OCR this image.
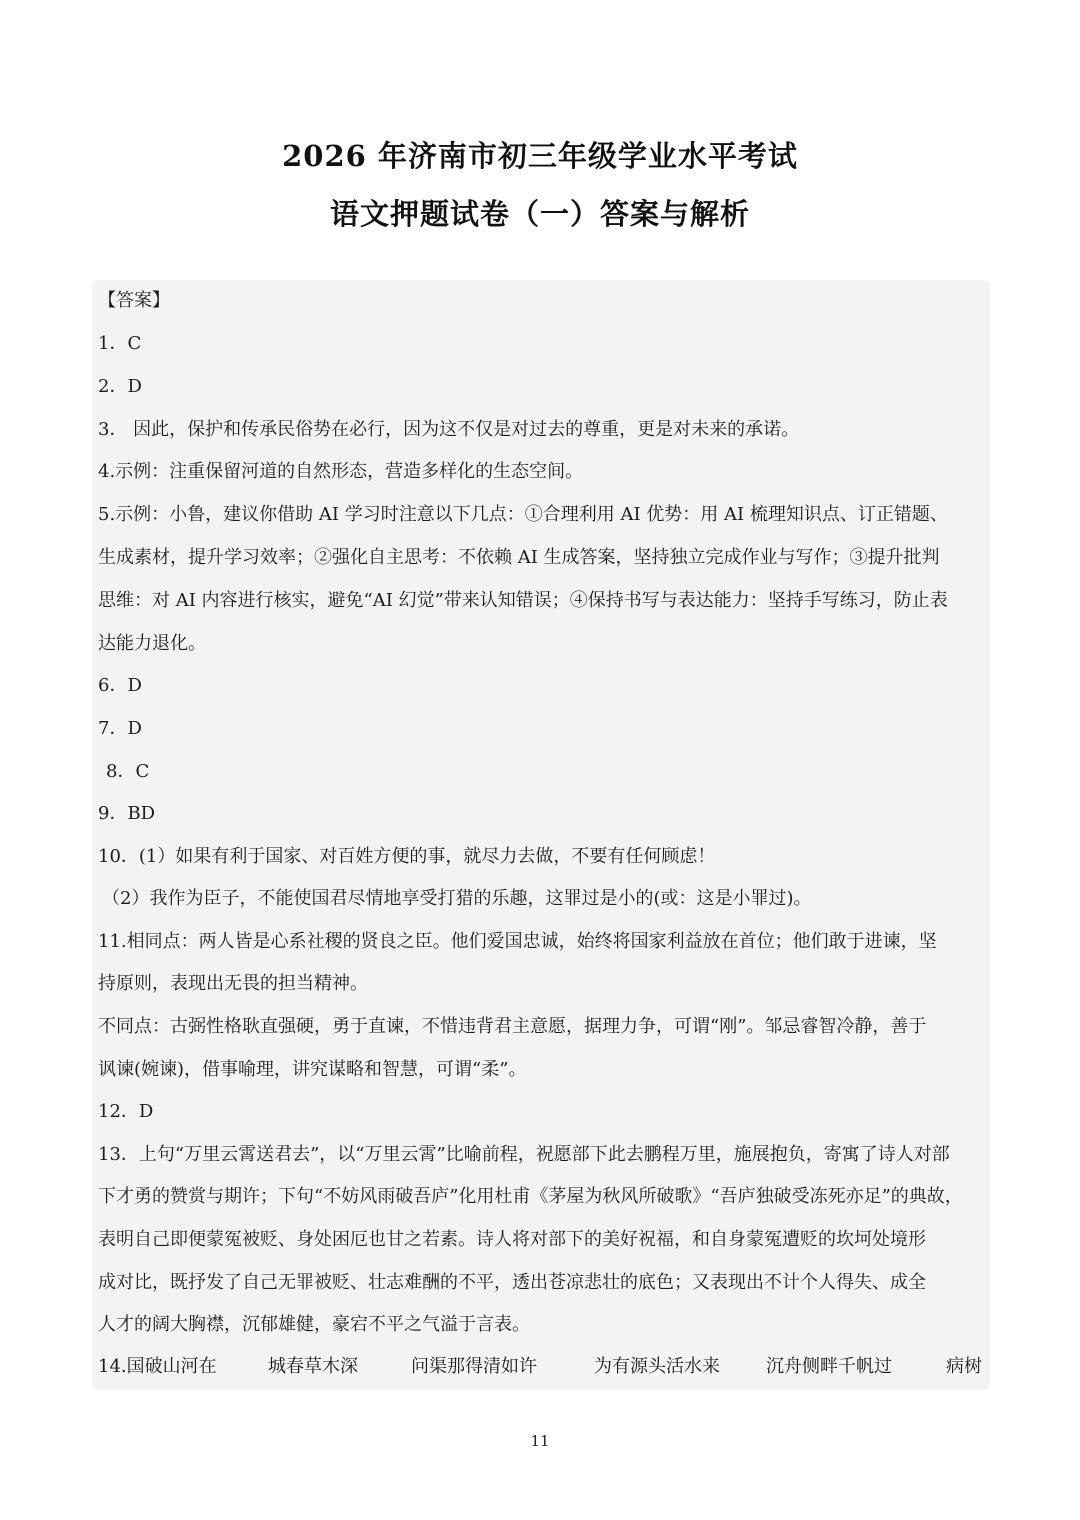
2026 年济南市初三年级学业水平考试
语文押题试卷（一）答案与解析
【答案】
1．C
2．D
3． 因此，保护和传承民俗势在必行，因为这不仅是对过去的尊重，更是对未来的承诺。
4.示例：注重保留河道的自然形态，营造多样化的生态空间。
5.示例：小鲁，建议你借助 AI 学习时注意以下几点：①合理利用 AI 优势：用 AI 梳理知识点、订正错题、
生成素材，提升学习效率；②强化自主思考：不依赖 AI 生成答案，坚持独立完成作业与写作；③提升批判
思维：对 AI 内容进行核实，避免“AI 幻觉”带来认知错误；④保持书写与表达能力：坚持手写练习，防止表
达能力退化。
6．D
7．D
8．C
9．BD
10．(1）如果有利于国家、对百姓方便的事，就尽力去做，不要有任何顾虑！
（2）我作为臣子，不能使国君尽情地享受打猎的乐趣，这罪过是小的(或：这是小罪过)。
11.相同点：两人皆是心系社稷的贤良之臣。他们爱国忠诚，始终将国家利益放在首位；他们敢于进谏，坚
持原则，表现出无畏的担当精神。
不同点：古弼性格耿直强硬，勇于直谏，不惜违背君主意愿，据理力争，可谓“刚”。邹忌睿智冷静，善于
讽谏(婉谏)，借事喻理，讲究谋略和智慧，可谓“柔”。
12．D
13．上句“万里云霄送君去”，以“万里云霄”比喻前程，祝愿部下此去鹏程万里，施展抱负，寄寓了诗人对部
下才勇的赞赏与期许；下句“不妨风雨破吾庐”化用杜甫《茅屋为秋风所破歌》“吾庐独破受冻死亦足”的典故，
表明自己即便蒙冤被贬、身处困厄也甘之若素。诗人将对部下的美好祝福，和自身蒙冤遭贬的坎坷处境形
成对比，既抒发了自己无罪被贬、壮志难酬的不平，透出苍凉悲壮的底色；又表现出不计个人得失、成全
人才的阔大胸襟，沉郁雄健，豪宕不平之气溢于言表。
14.国破山河在	城春草木深	问渠那得清如许	为有源头活水来	沉舟侧畔千帆过	病树
11
